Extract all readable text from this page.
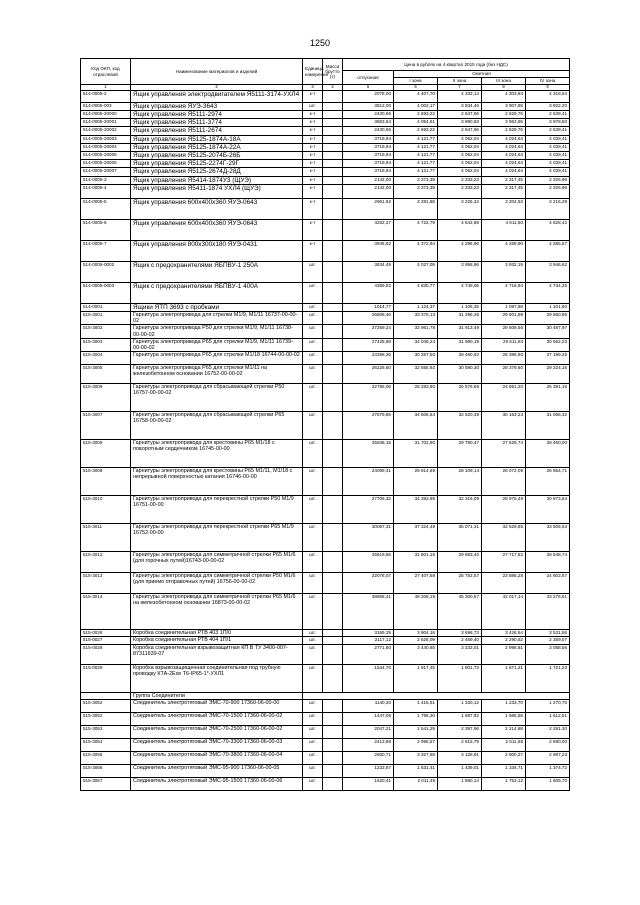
1250
Код ОКП, код отраслевой	Наименование материалов и изделий	Единица измерения	Масса брутто (т)	Цена в рублях на 4 квартал 2015 года (без НДС)				
				отпускная	Сметная			
					I зона	II зона	III зона	IV зона
1	2	3	4	5	6	7	8	9
514-0005-2	Ящик управления электродвигателем Я5111-3174-УХЛ4	к-т		2078,00	4 407,70	4 333,14	4 303,84	4 318,64
514-0005-003	Ящик управления ЯУЭ-3643	шт.		3812,00	4 002,17	3 934,46	3 907,88	3 922,20
514-0005-20000	Ящик управления Я5111-2974	к-т		2430,66	2 693,22	2 647,66	2 629,76	2 639,41
514-0005-20001	Ящик управления Я5111-3774	к-т		3863,84	4 054,61	3 990,83	3 963,95	3 978,50
514-0005-20002	Ящик управления Я5111-2674	к-т		2430,66	2 693,22	2 647,66	2 629,76	2 639,41
514-0005-20003	Ящик управления Я5125-1874А-18А	к-т		3719,94	4 121,77	4 052,04	4 024,64	4 039,41
514-0005-20004	Ящик управления Я5125-1874А-22А	к-т		3719,94	4 121,77	4 052,04	4 024,64	4 039,41
514-0005-20005	Ящик управления Я5125-2074Б-26Б	к-т		3719,94	4 121,77	4 052,04	4 024,64	4 039,41
514-0005-20006	Ящик управления Я5125-2274Г-29Г	к-т		3719,94	4 121,77	4 052,04	4 024,64	4 039,41
514-0005-20007	Ящик управления Я5125-2674Д-28Д	к-т		3719,94	4 121,77	4 052,04	4 024,64	4 039,41
514-0005-3	Ящик управления Я5414-1874У3 (ЩУЭ)	к-т		2142,00	2 373,39	2 333,23	2 317,45	2 325,96
514-0005-4	Ящик управления Я5411-1874 УХЛ4 (ЩУЭ)	к-т		2142,00	2 373,39	2 333,23	2 317,45	2 325,96
514-0005-5	Ящик управления 600х400х360 ЯУЭ-0643	к-т		2961,92	3 281,86	3 226,34	3 204,53	3 216,29
514-0005-6	Ящик управления 600х400х360 ЯУЭ-0643	к-т		4262,37	4 722,79	4 642,89	4 611,50	4 628,42
514-0005-7	Ящик управления 800х300х180 ЯУЭ-0431	к-т		3946,62	4 372,94	4 298,96	4 269,90	4 285,57
514-0005-0002	Ящик с предохранителями ЯБПВУ-1 250А	шт.		3634,49	4 027,09	3 958,96	3 932,19	3 946,62
514-0005-0003	Ящик с предохранителями ЯБПВУ-1 400А	шт.		4359,82	4 830,77	4 749,05	4 716,94	4 734,25
514-0001	Ящики ЯТП 3693 с пробками	шт.		1014,77	1 124,37	1 105,35	1 097,88	1 101,90
515-3001	Гарнитура электропривода для стрелки М1/9, М1/11 16737-00-00-02	шт.		26808,46	33 375,13	31 296,36	29 601,98	29 660,95
515-3002	Гарнитура электропривода Р50 для стрелки М1/9, М1/11 16738-00-00-02	шт.		27259,24	33 961,78	31 913,49	29 509,56	30 487,97
515-3003	Гарнитура электропривода Р65 для стрелки М1/9, М1/11 16739-00-00-02	шт.		27425,88	34 046,24	31 990,19	29 611,84	30 562,23
515-3004	Гарнитура электропривода Р65 для стрелки М1/18 16744-00-00-02	шт.		24398,36	30 267,50	28 460,92	26 396,60	27 189,25
515-3005	Гарнитура электропривода Р65 для стрелки М1/11 на железобетонном основании 16752-00-00-02	шт.		26228,60	32 555,92	30 590,30	28 379,60	29 224,16
515-3006	Гарнитуры электропривода для сбрасывающей стрелки Р50 16757-00-00-02	шт.		22785,06	28 283,80	26 576,69	24 651,20	25 391,16
515-3007	Гарнитуры электропривода для сбрасывающей стрелки Р65 16758-00-00-02	шт.		27879,86	34 606,64	32 520,39	30 163,24	31 066,32
515-3008	Гарнитуры электропривода для крестовины Р65 М1/18 с поворотным сердечником 16745-00-00	шт.		25538,15	31 702,90	29 790,47	27 629,74	28 460,00
515-3009	Гарнитуры электропривода для крестовины Р65 М1/11, М1/18 с непрерывной поверхностью катания 16746-00-00	шт.		24099,41	29 914,69	28 109,14	26 072,09	26 854,71
515-3010	Гарнитуры электропривода для перекрестной стрелки Р50 М1/9 16751-00-00	шт.		27706,32	34 392,95	32 316,09	29 975,49	30 873,54
515-3011	Гарнитуры электропривода для перекрестной стрелки Р65 М1/9 16752-00-00	шт.		30067,31	37 324,49	35 071,31	32 529,85	33 505,63
515-3012	Гарнитуры электропривода для симметричной стрелки Р65 М1/6 (для горочных путей)16743-00-00-02	шт.		25619,56	31 801,15	29 883,40	27 717,82	28 548,74
515-3013	Гарнитуры электропривода для симметричной стрелки Р50 М1/6 (для приемо отправочных путей) 16756-00-00-02	шт.		22078,07	27 407,58	25 753,57	23 886,28	24 603,67
515-3014	Гарнитуры электропривода для симметричной стрелки Р65 М1/6 на железобетонном основании 16873-00-00-02	шт.		38858,41	48 209,19	45 300,67	42 017,14	43 276,61
515-0026	Коробка соединительная РТВ 403 1П/0	шт.		3169,35	3 904,16	3 696,73	3 426,54	3 531,56
515-0027	Коробка соединительная РТВ 404 1П/1	шт.		2117,12	2 628,09	2 469,40	2 290,52	2 359,07
515-0028	Коробка соединительная взрывозащитная КП В ТУ 3400-007-87311639-07	шт.		2771,80	3 440,65	3 233,01	2 998,81	3 088,56
515-0029	Коробка взрывозащищенная соединительная под трубную проводку КТА-2Exe T6-IP65-1*-УХЛ1	шт.		1544,70	1 917,45	1 801,73	1 671,21	1 721,23
	Группа Соединители							
515-3052	Соединитель электротяговый ЭМС-70-900 17360-06-00-00	шт.		1140,30	1 415,51	1 330,12	1 233,70	1 270,70
515-3052	Соединитель электротяговый ЭМС-70-1500 17360-06-00-02	шт.		1447,06	1 796,30	1 687,92	1 565,58	1 612,51
515-3053	Соединитель электротяговый ЭМС-70-2500 17360-06-00-02	шт.		2047,21	2 541,29	2 387,96	2 214,88	2 281,30
515-3054	Соединитель электротяговый ЭМС-70-3300 17360-06-00-03	шт.		2413,96	2 996,57	2 815,79	2 611,68	2 690,00
515-3055	Соединитель электротяговый ЭМС-70-3800 17360-06-00-04	шт.		2650,71	3 327,68	3 128,91	2 900,27	2 987,23
515-3056	Соединитель электротяговый ЭМС-95-900 17360-06-00-05	шт.		1233,87	1 531,41	1 439,01	1 334,71	1 374,72
515-3057	Соединитель электротяговый ЭМС-95-1500 17360-06-00-06	шт.		1620,41	2 011,49	1 890,14	1 753,12	1 805,70
